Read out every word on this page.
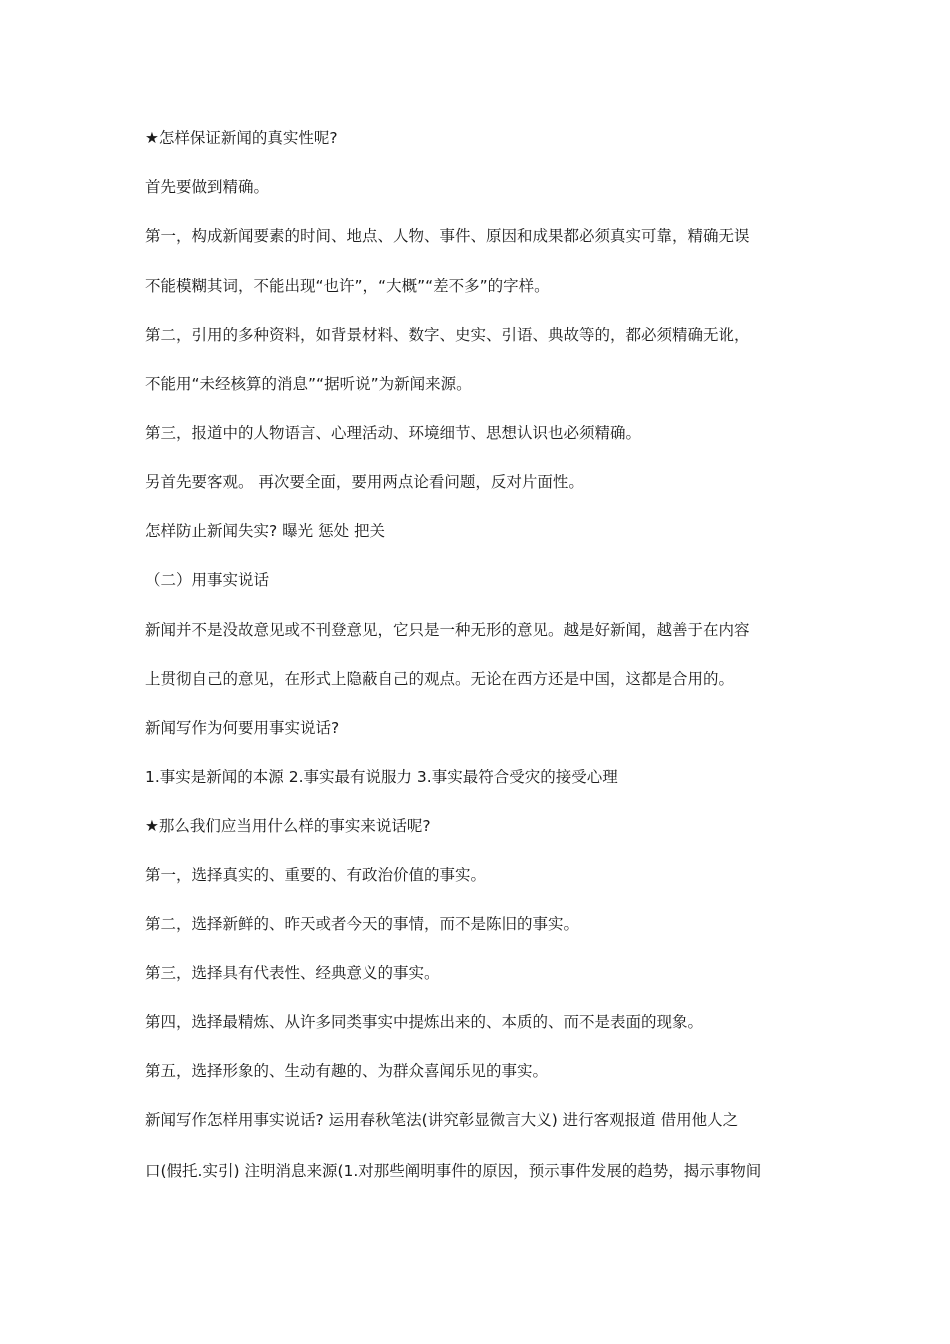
★怎样保证新闻的真实性呢?
首先要做到精确。
第一，构成新闻要素的时间、地点、人物、事件、原因和成果都必须真实可靠，精确无误
不能模糊其词，不能出现“也许”，“大概”“差不多”的字样。
第二，引用的多种资料，如背景材料、数字、史实、引语、典故等的，都必须精确无讹，
不能用“未经核算的消息”“据听说”为新闻来源。
第三，报道中的人物语言、心理活动、环境细节、思想认识也必须精确。
另首先要客观。 再次要全面，要用两点论看问题，反对片面性。
怎样防止新闻失实? 曝光 惩处 把关
（二）用事实说话
新闻并不是没故意见或不刊登意见，它只是一种无形的意见。越是好新闻，越善于在内容
上贯彻自己的意见，在形式上隐蔽自己的观点。无论在西方还是中国，这都是合用的。
新闻写作为何要用事实说话?
1.事实是新闻的本源 2.事实最有说服力 3.事实最符合受灾的接受心理
★那么我们应当用什么样的事实来说话呢?
第一，选择真实的、重要的、有政治价值的事实。
第二，选择新鲜的、昨天或者今天的事情，而不是陈旧的事实。
第三，选择具有代表性、经典意义的事实。
第四，选择最精炼、从许多同类事实中提炼出来的、本质的、而不是表面的现象。
第五，选择形象的、生动有趣的、为群众喜闻乐见的事实。
新闻写作怎样用事实说话? 运用春秋笔法(讲究彰显微言大义) 进行客观报道 借用他人之
口(假托.实引) 注明消息来源(1.对那些阐明事件的原因，预示事件发展的趋势，揭示事物间
